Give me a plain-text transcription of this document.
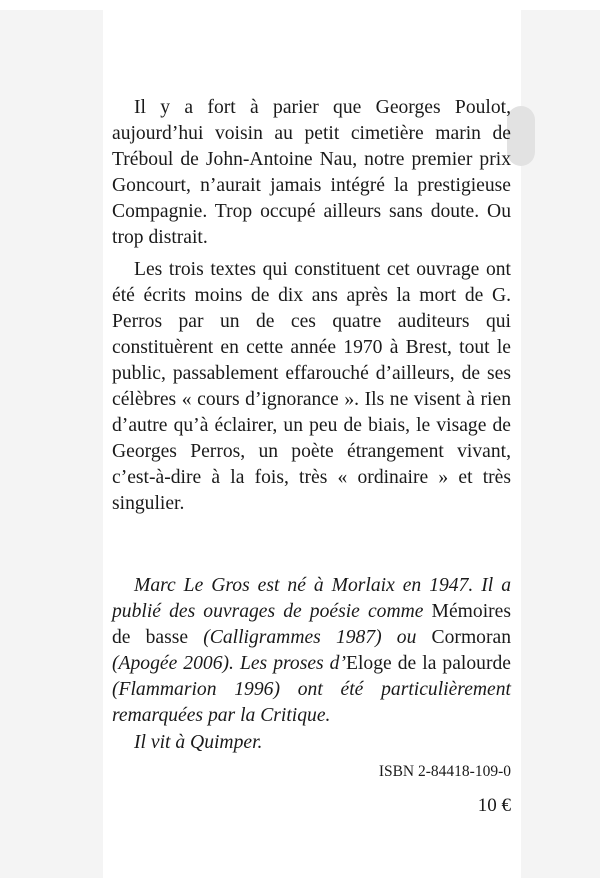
Il y a fort à parier que Georges Poulot, aujourd’hui voisin au petit cimetière marin de Tréboul de John-Antoine Nau, notre premier prix Goncourt, n’aurait jamais intégré la prestigieuse Compagnie. Trop occupé ailleurs sans doute. Ou trop distrait.

Les trois textes qui constituent cet ouvrage ont été écrits moins de dix ans après la mort de G. Perros par un de ces quatre auditeurs qui constituèrent en cette année 1970 à Brest, tout le public, passablement effarouché d’ailleurs, de ses célèbres « cours d’ignorance ». Ils ne visent à rien d’autre qu’à éclairer, un peu de biais, le visage de Georges Perros, un poète étrangement vivant, c’est-à-dire à la fois, très « ordinaire » et très singulier.

Marc Le Gros est né à Morlaix en 1947. Il a publié des ouvrages de poésie comme Mémoires de basse (Calligrammes 1987) ou Cormoran (Apogée 2006). Les proses d’Eloge de la palourde (Flammarion 1996) ont été particulièrement remarquées par la Critique.

Il vit à Quimper.

ISBN 2-84418-109-0
10 €
